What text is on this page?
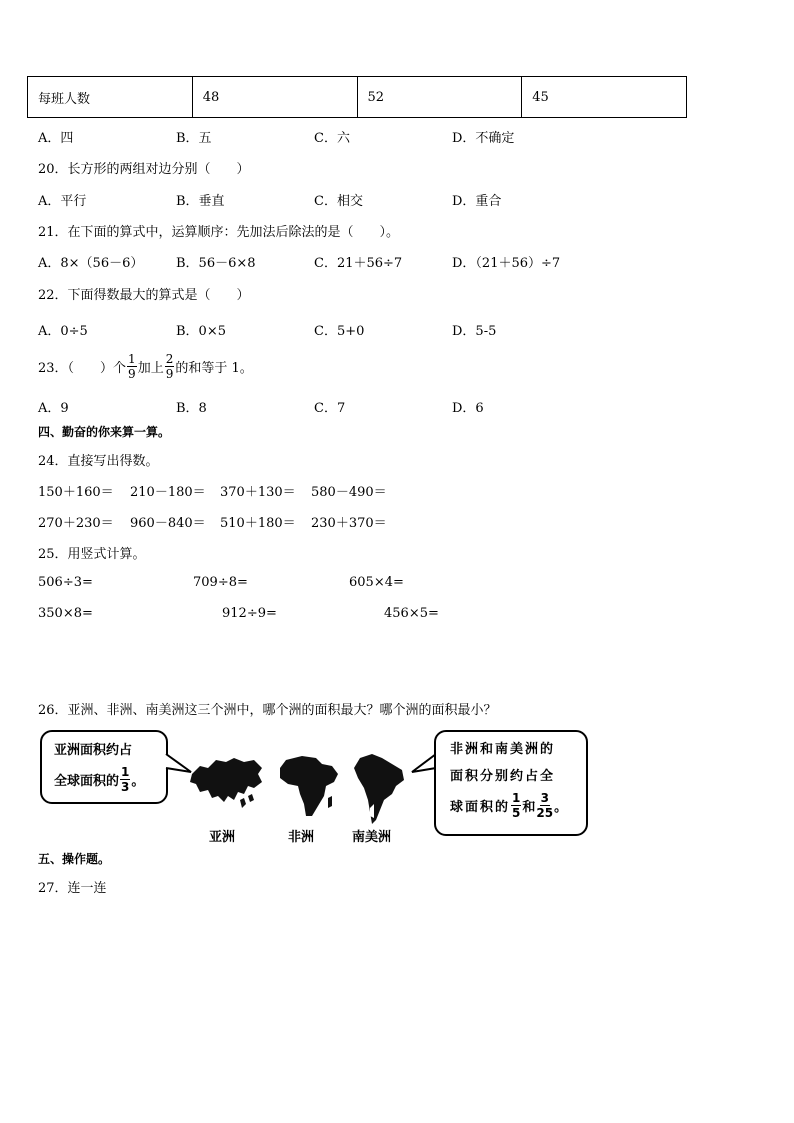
每班人数	48	52	45
A．四	B．五	C．六	D．不确定
20．长方形的两组对边分别（　　）
A．平行	B．垂直	C．相交	D．重合
21．在下面的算式中，运算顺序：先加法后除法的是（　　）。
A．8×（56－6）	B．56－6×8	C．21＋56÷7	D．（21＋56）÷7
22．下面得数最大的算式是（　　）
A．0÷5	B．0×5	C．5+0	D．5-5
23．（　　）个 $\frac{1}{9}$ 加上 $\frac{2}{9}$ 的和等于 1。
A．9	B．8	C．7	D．6
四、勤奋的你来算一算。
24．直接写出得数。
150＋160＝ 210－180＝ 370＋130＝ 580－490＝
270＋230＝ 960－840＝ 510＋180＝ 230＋370＝
25．用竖式计算。
506÷3=	709÷8=	605×4=
350×8=	912÷9=	456×5=
26．亚洲、非洲、南美洲这三个洲中，哪个洲的面积最大？哪个洲的面积最小？
亚洲面积约占
全球面积的 $\frac{1}{3}$ 。
亚洲	非洲	南美洲
非洲和南美洲的
面积分别约占全
球面积的 $\frac{1}{5}$ 和 $\frac{3}{25}$ 。
五、操作题。
27．连一连
